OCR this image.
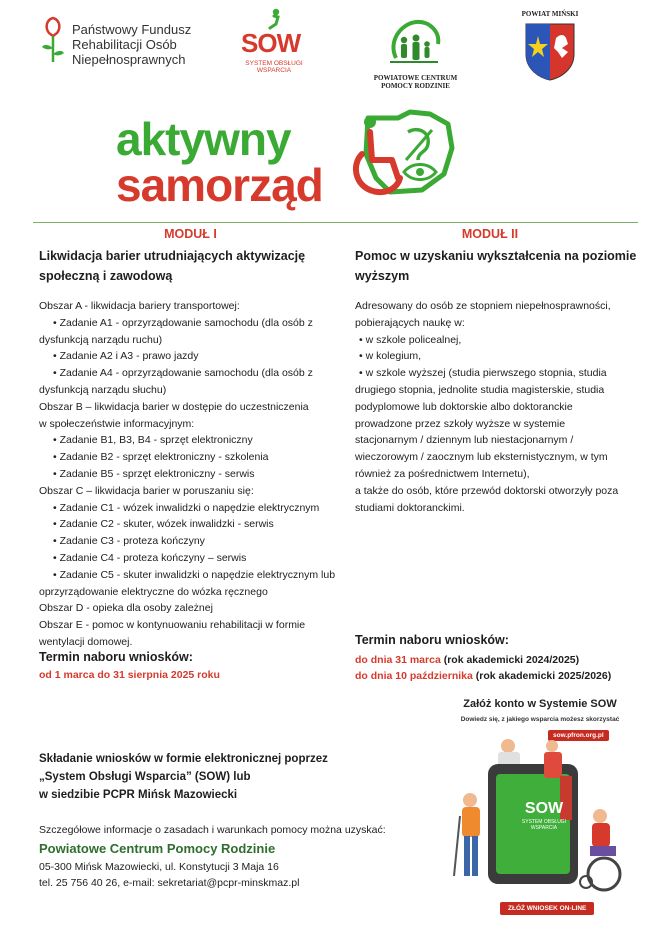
Państwowy Fundusz
Rehabilitacji Osób
Niepełnosprawnych
SOW
SYSTEM OBSŁUGI
WSPARCIA
POWIATOWE CENTRUM
POMOCY RODZINIE
POWIAT MIŃSKI
aktywny
samorząd
MODUŁ I
Likwidacja barier utrudniających aktywizację
społeczną i zawodową

Obszar A - likwidacja bariery transportowej:

• Zadanie A1 - oprzyrządowanie samochodu (dla osób z

dysfunkcją narządu ruchu)

• Zadanie A2 i A3 - prawo jazdy

• Zadanie A4 - oprzyrządowanie samochodu (dla osób z

dysfunkcją narządu słuchu)

Obszar B – likwidacja barier w dostępie do uczestniczenia

w społeczeństwie informacyjnym:

• Zadanie B1, B3, B4 - sprzęt elektroniczny

• Zadanie B2 - sprzęt elektroniczny - szkolenia

• Zadanie B5 - sprzęt elektroniczny - serwis

Obszar C – likwidacja barier w poruszaniu się:

• Zadanie C1 - wózek inwalidzki o napędzie elektrycznym

• Zadanie C2 - skuter, wózek inwalidzki - serwis

• Zadanie C3 - proteza kończyny

• Zadanie C4 - proteza kończyny – serwis

• Zadanie C5 - skuter inwalidzki o napędzie elektrycznym lub

oprzyrządowanie elektryczne do wózka ręcznego

Obszar D - opieka dla osoby zależnej

Obszar E - pomoc w kontynuowaniu rehabilitacji w formie

wentylacji domowej.

Termin naboru wniosków:
od 1 marca do 31 sierpnia 2025 roku
MODUŁ II
Pomoc w uzyskaniu wykształcenia na poziomie
wyższym

Adresowany do osób ze stopniem niepełnosprawności,

pobierających naukę w:

• w szkole policealnej,

• w kolegium,

• w szkole wyższej (studia pierwszego stopnia, studia

drugiego stopnia, jednolite studia magisterskie, studia

podyplomowe lub doktorskie albo doktoranckie

prowadzone przez szkoły wyższe w systemie

stacjonarnym / dziennym lub niestacjonarnym /

wieczorowym / zaocznym lub eksternistycznym, w tym

również za pośrednictwem Internetu),

a także do osób, które przewód doktorski otworzyły poza

studiami doktoranckimi.

Termin naboru wniosków:
do dnia 31 marca (rok akademicki 2024/2025)
do dnia 10 października (rok akademicki 2025/2026)
Składanie wniosków w formie elektronicznej poprzez
„System Obsługi Wsparcia” (SOW) lub
w siedzibie PCPR Mińsk Mazowiecki
Szczegółowe informacje o zasadach i warunkach pomocy można uzyskać:
Powiatowe Centrum Pomocy Rodzinie
05-300 Mińsk Mazowiecki, ul. Konstytucji 3 Maja 16
tel. 25 756 40 26, e-mail: sekretariat@pcpr-minskmaz.pl
Załóż konto w Systemie SOW
Dowiedz się, z jakiego wsparcia możesz skorzystać
sow.pfron.org.pl
SOW
SYSTEM OBSŁUGI
WSPARCIA
ZŁÓŻ WNIOSEK ON-LINE
